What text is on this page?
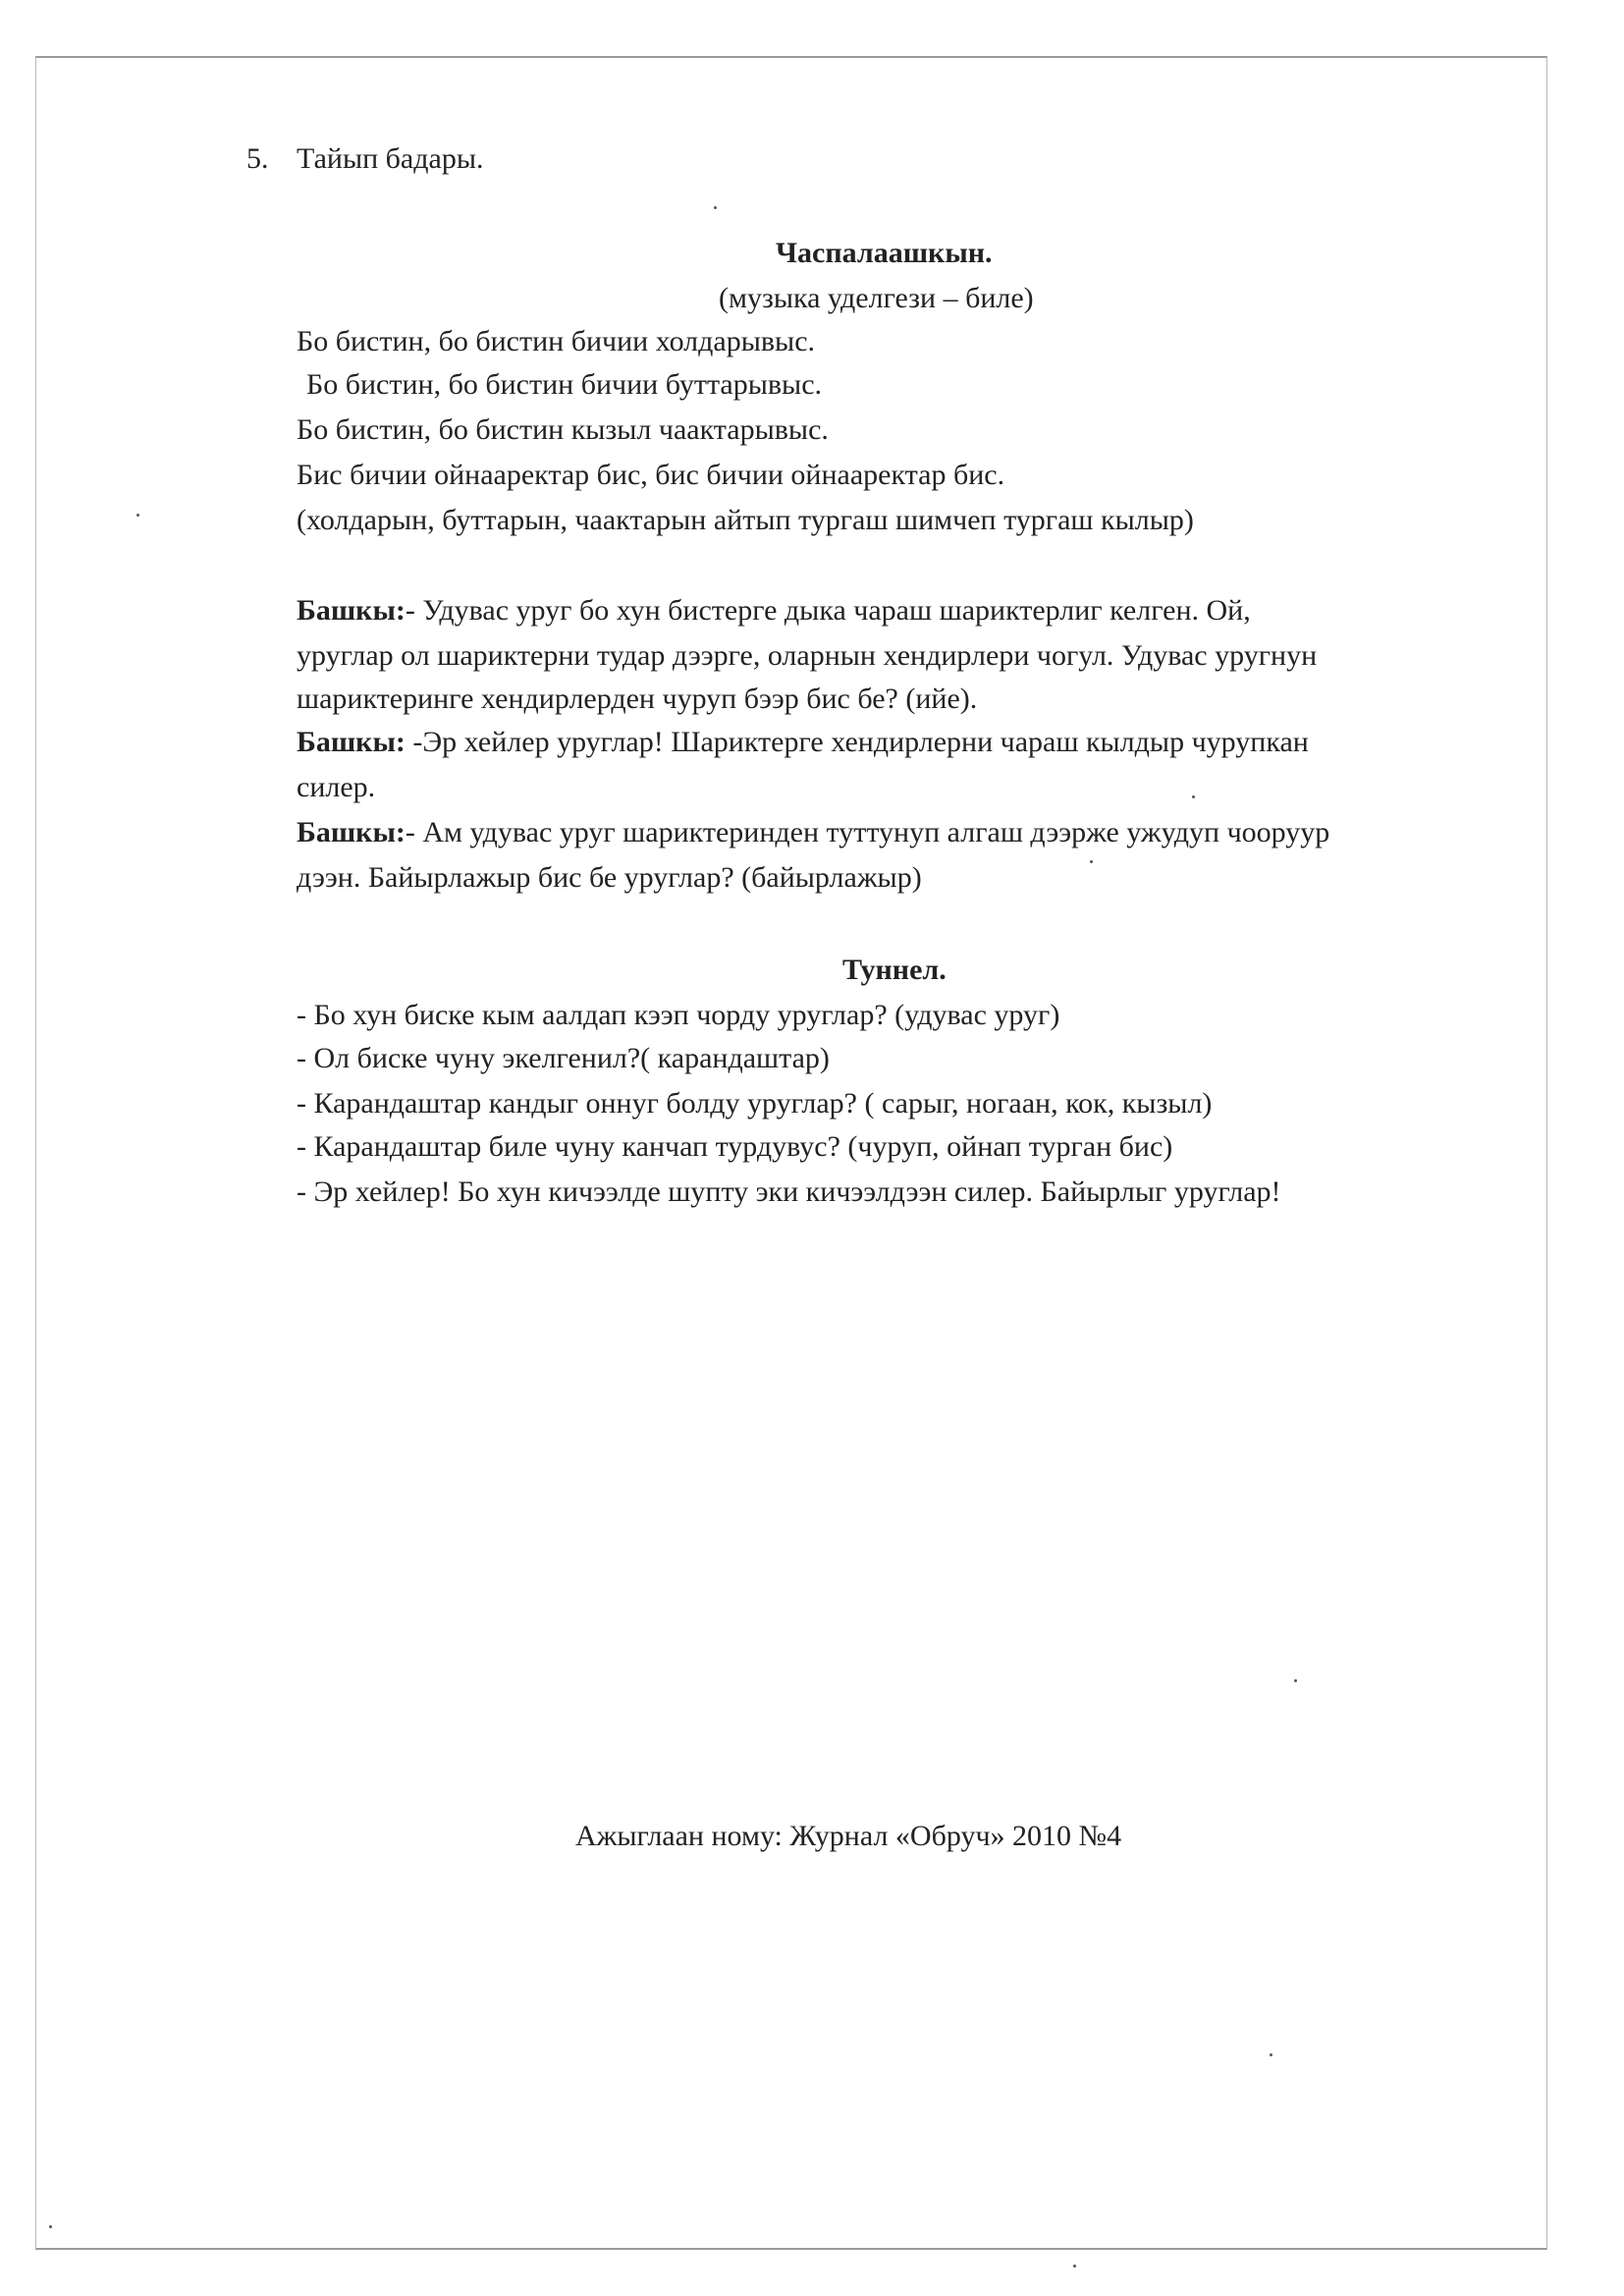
5. Тайып бадары.
Часпалаашкын.
(музыка уделгези – биле)
Бо бистин, бо бистин бичии холдарывыс.
Бо бистин, бо бистин бичии буттарывыс.
Бо бистин, бо бистин кызыл чаактарывыс.
Бис бичии ойнааректар бис, бис бичии ойнааректар бис.
(холдарын, буттарын, чаактарын айтып тургаш шимчеп тургаш кылыр)
Башкы:- Удувас уруг бо хун бистерге дыка чараш шариктерлиг келген. Ой,
уруглар ол шариктерни тудар дээрге, оларнын хендирлери чогул. Удувас уругнун
шариктеринге хендирлерден чуруп бээр бис бе? (ийе).
Башкы: -Эр хейлер уруглар! Шариктерге хендирлерни чараш кылдыр чурупкан
силер.
Башкы:- Ам удувас уруг шариктеринден туттунуп алгаш дээрже ужудуп чооруур
дээн. Байырлажыр бис бе уруглар? (байырлажыр)
Туннел.
- Бо хун биске кым аалдап кээп чорду уруглар? (удувас уруг)
- Ол биске чуну экелгенил?( карандаштар)
- Карандаштар кандыг оннуг болду уруглар? ( сарыг, ногаан, кок, кызыл)
- Карандаштар биле чуну канчап турдувус? (чуруп, ойнап турган бис)
- Эр хейлер! Бо хун кичээлде шупту эки кичээлдээн силер. Байырлыг уруглар!
Ажыглаан ному: Журнал «Обруч» 2010 №4
